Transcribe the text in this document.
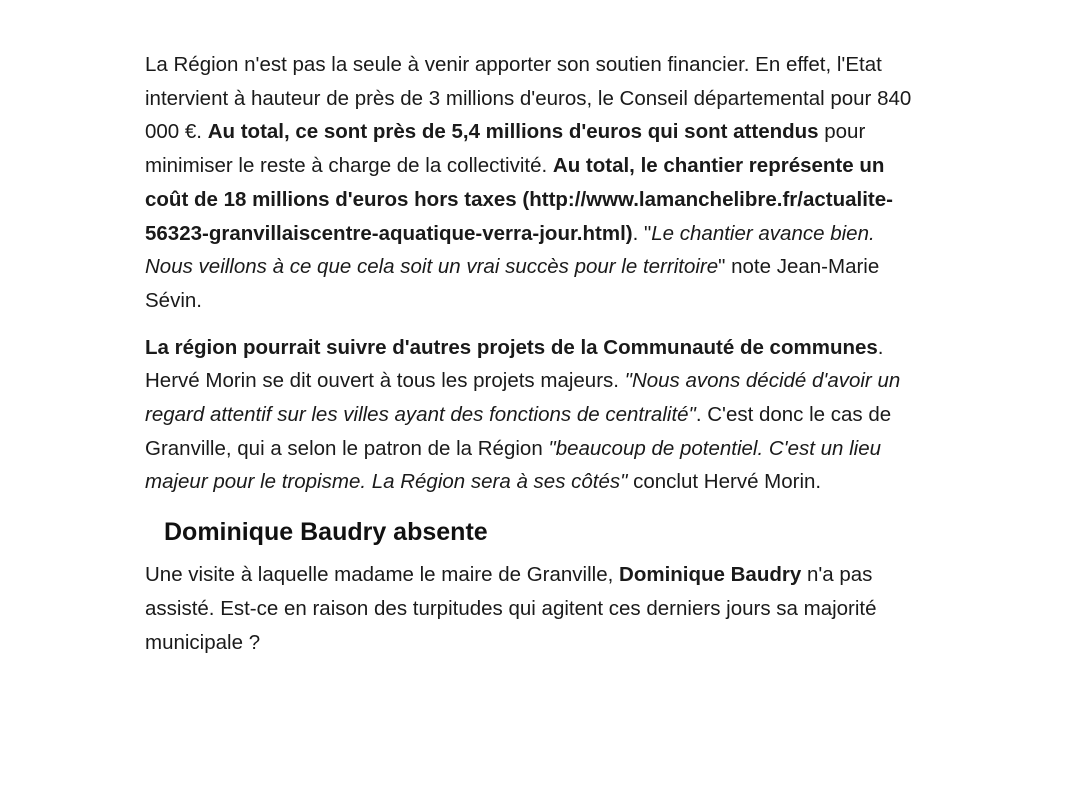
La Région n'est pas la seule à venir apporter son soutien financier. En effet, l'Etat intervient à hauteur de près de 3 millions d'euros, le Conseil départemental pour 840 000 €. Au total, ce sont près de 5,4 millions d'euros qui sont attendus pour minimiser le reste à charge de la collectivité. Au total, le chantier représente un coût de 18 millions d'euros hors taxes (http://www.lamanchelibre.fr/actualite-56323-granvillaiscentre-aquatique-verra-jour.html). "Le chantier avance bien. Nous veillons à ce que cela soit un vrai succès pour le territoire" note Jean-Marie Sévin.

La région pourrait suivre d'autres projets de la Communauté de communes. Hervé Morin se dit ouvert à tous les projets majeurs. "Nous avons décidé d'avoir un regard attentif sur les villes ayant des fonctions de centralité". C'est donc le cas de Granville, qui a selon le patron de la Région "beaucoup de potentiel. C'est un lieu majeur pour le tropisme. La Région sera à ses côtés" conclut Hervé Morin.

Dominique Baudry absente

Une visite à laquelle madame le maire de Granville, Dominique Baudry n'a pas assisté. Est-ce en raison des turpitudes qui agitent ces derniers jours sa majorité municipale ?
